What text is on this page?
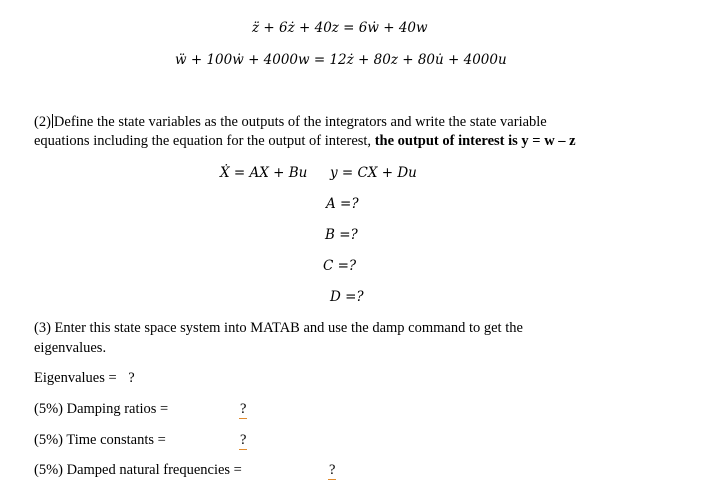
z̈ + 6ż + 40z = 6ẇ + 40w
ẅ + 100ẇ + 4000w = 12ż + 80z + 80u̇ + 4000u
(2) Define the state variables as the outputs of the integrators and write the state variable
equations including the equation for the output of interest, the output of interest is y = w – z
Ẋ = AX + Bu y = CX + Du
A =?
B =?
C =?
D =?
(3) Enter this state space system into MATAB and use the damp command to get the
eigenvalues.
Eigenvalues = ?
(5%) Damping ratios =	?
(5%) Time constants =	?
(5%) Damped natural frequencies =	?
